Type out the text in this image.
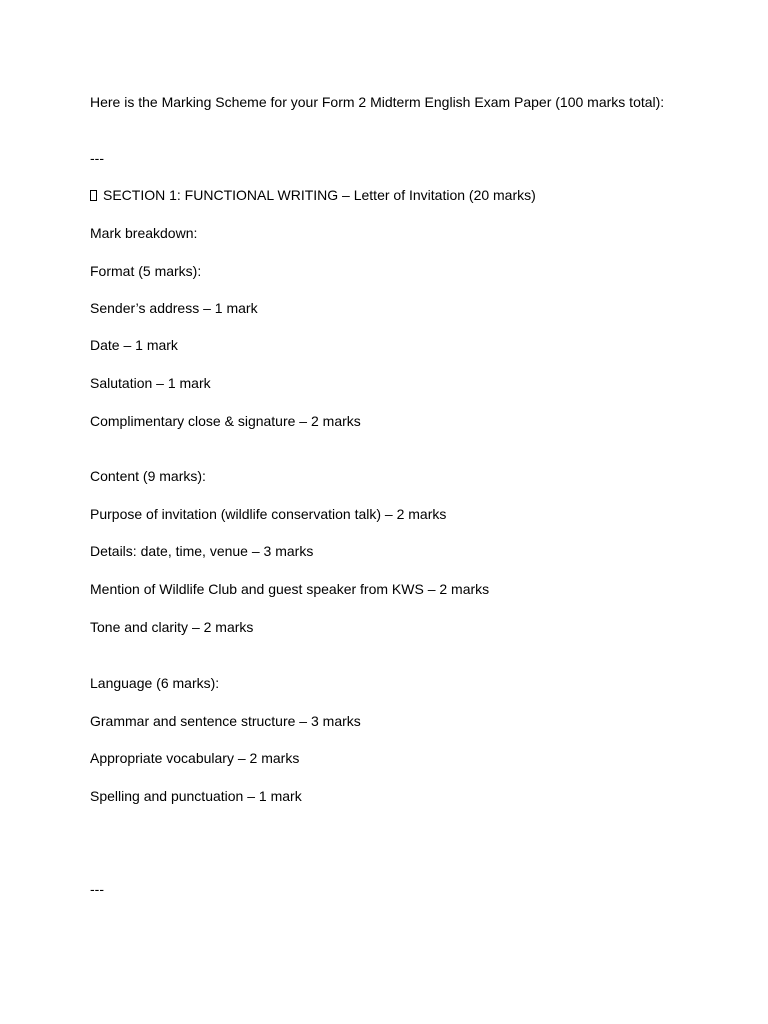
Here is the Marking Scheme for your Form 2 Midterm English Exam Paper (100 marks total):
---
SECTION 1: FUNCTIONAL WRITING – Letter of Invitation (20 marks)
Mark breakdown:
Format (5 marks):
Sender’s address – 1 mark
Date – 1 mark
Salutation – 1 mark
Complimentary close & signature – 2 marks
Content (9 marks):
Purpose of invitation (wildlife conservation talk) – 2 marks
Details: date, time, venue – 3 marks
Mention of Wildlife Club and guest speaker from KWS – 2 marks
Tone and clarity – 2 marks
Language (6 marks):
Grammar and sentence structure – 3 marks
Appropriate vocabulary – 2 marks
Spelling and punctuation – 1 mark
---
